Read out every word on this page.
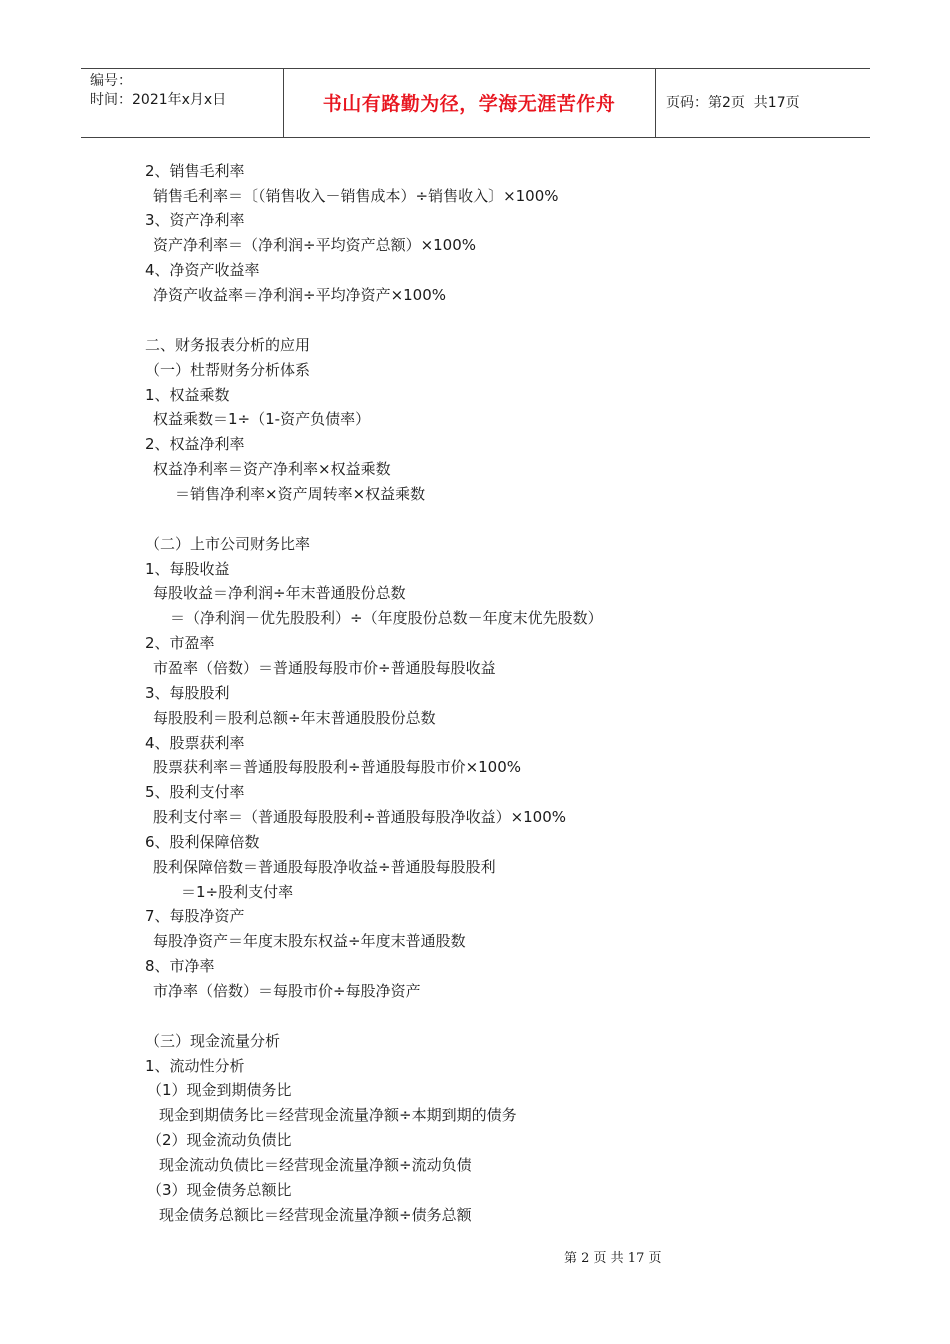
编号：
时间：2021年x月x日	书山有路勤为径，学海无涯苦作舟	页码：第2页  共17页
2、销售毛利率
销售毛利率＝〔（销售收入－销售成本）÷销售收入〕×100%
3、资产净利率
资产净利率＝（净利润÷平均资产总额）×100%
4、净资产收益率
净资产收益率＝净利润÷平均净资产×100%
二、财务报表分析的应用
（一）杜帮财务分析体系
1、权益乘数
权益乘数＝1÷（1-资产负债率）
2、权益净利率
权益净利率＝资产净利率×权益乘数
＝销售净利率×资产周转率×权益乘数
（二）上市公司财务比率
1、每股收益
每股收益＝净利润÷年末普通股份总数
＝（净利润－优先股股利）÷（年度股份总数－年度末优先股数）
2、市盈率
市盈率（倍数）＝普通股每股市价÷普通股每股收益
3、每股股利
每股股利＝股利总额÷年末普通股股份总数
4、股票获利率
股票获利率＝普通股每股股利÷普通股每股市价×100%
5、股利支付率
股利支付率＝（普通股每股股利÷普通股每股净收益）×100%
6、股利保障倍数
股利保障倍数＝普通股每股净收益÷普通股每股股利
＝1÷股利支付率
7、每股净资产
每股净资产＝年度末股东权益÷年度末普通股数
8、市净率
市净率（倍数）＝每股市价÷每股净资产
（三）现金流量分析
1、流动性分析
（1）现金到期债务比
现金到期债务比＝经营现金流量净额÷本期到期的债务
（2）现金流动负债比
现金流动负债比＝经营现金流量净额÷流动负债
（3）现金债务总额比
现金债务总额比＝经营现金流量净额÷债务总额
第 2 页 共 17 页
